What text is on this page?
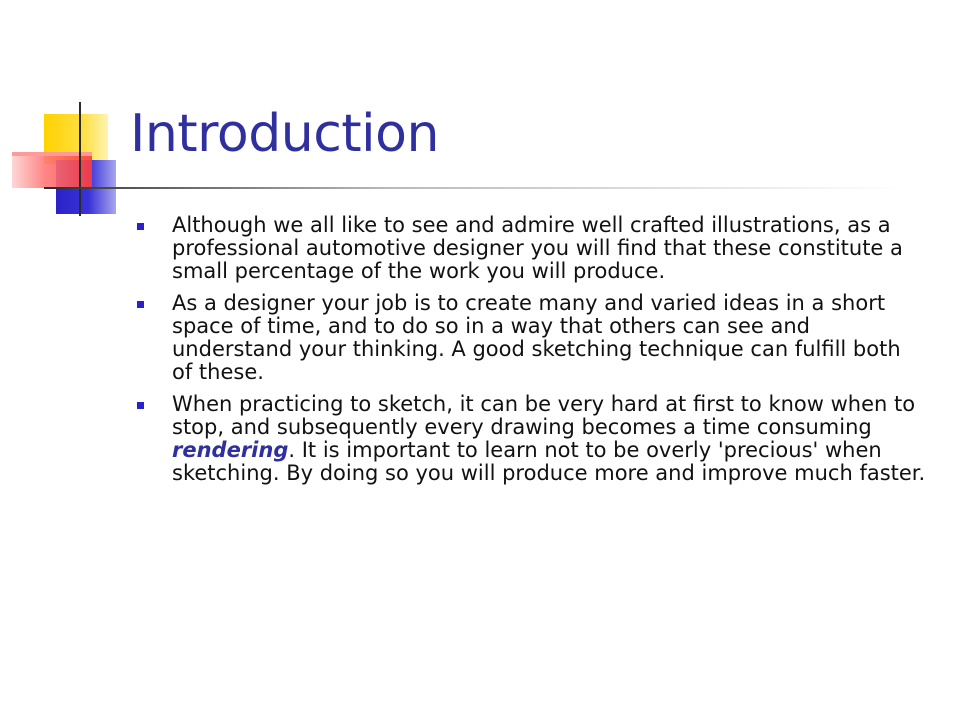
Introduction
Although we all like to see and admire well crafted illustrations, as a professional automotive designer you will find that these constitute a small percentage of the work you will produce.
As a designer your job is to create many and varied ideas in a short space of time, and to do so in a way that others can see and understand your thinking. A good sketching technique can fulfill both of these.
When practicing to sketch, it can be very hard at first to know when to stop, and subsequently every drawing becomes a time consuming rendering. It is important to learn not to be overly 'precious' when sketching. By doing so you will produce more and improve much faster.
